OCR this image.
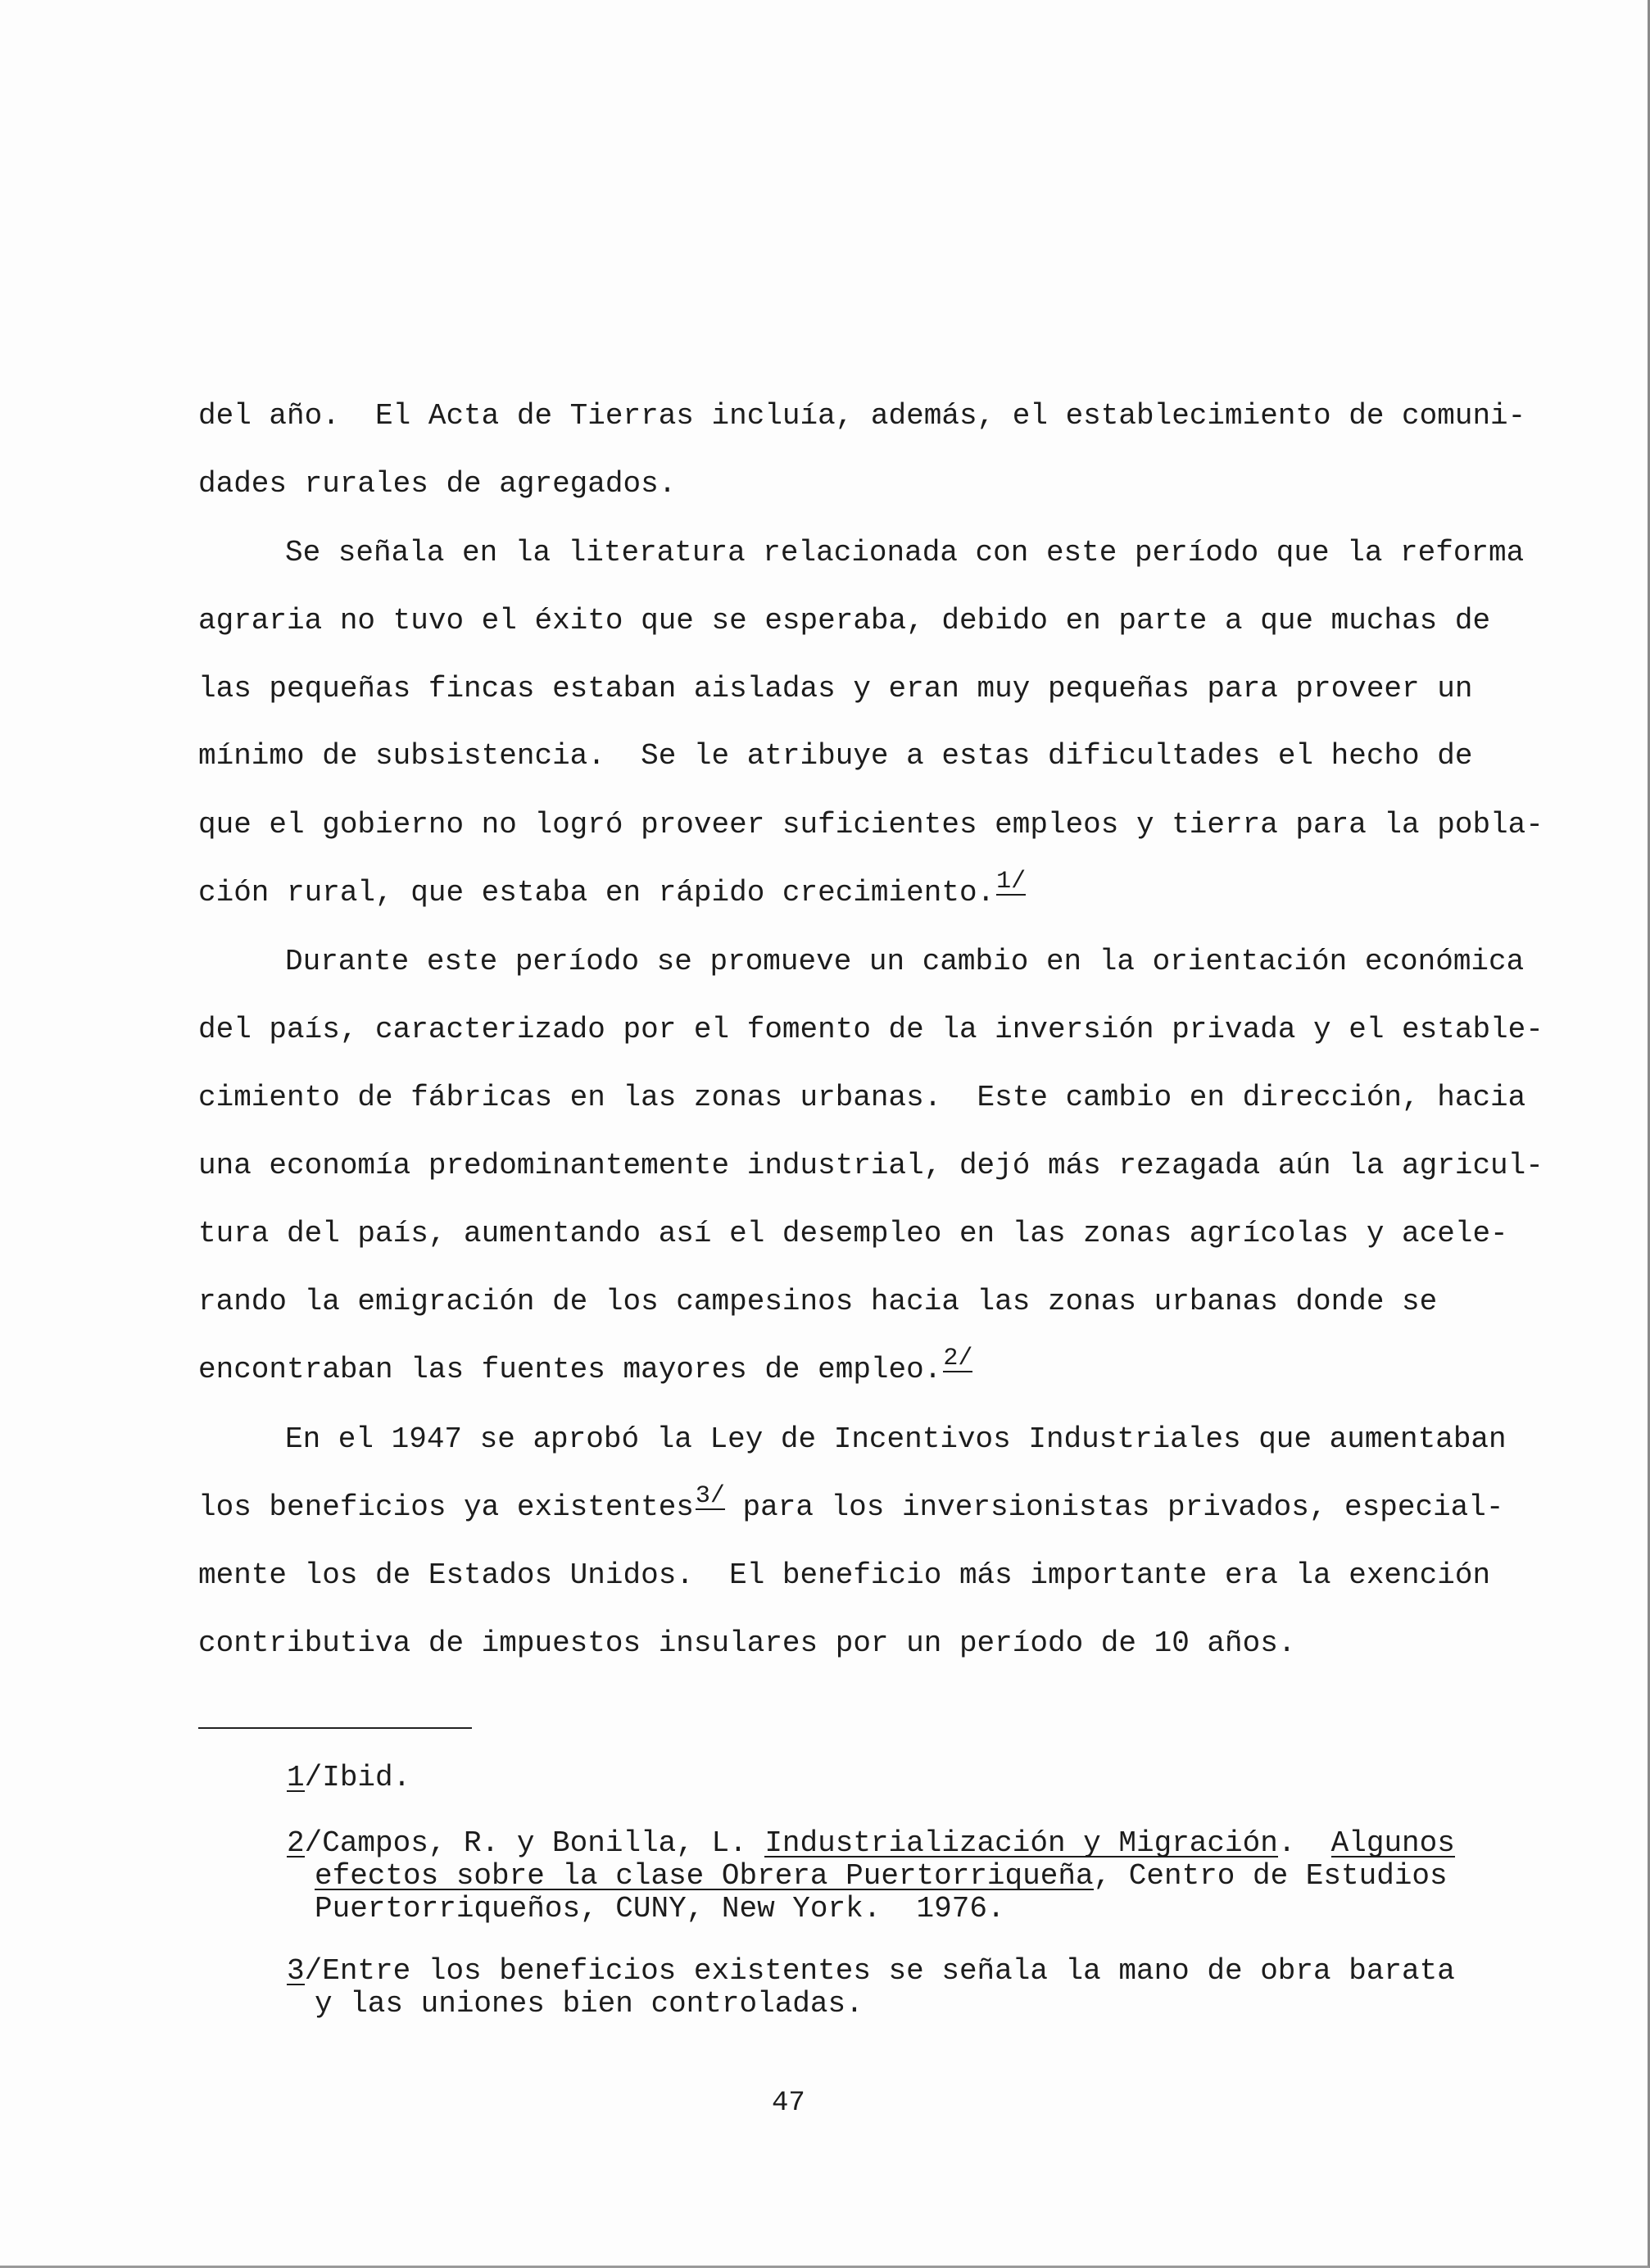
del año.  El Acta de Tierras incluía, además, el establecimiento de comuni-
dades rurales de agregados.
Se señala en la literatura relacionada con este período que la reforma
agraria no tuvo el éxito que se esperaba, debido en parte a que muchas de
las pequeñas fincas estaban aisladas y eran muy pequeñas para proveer un
mínimo de subsistencia.  Se le atribuye a estas dificultades el hecho de
que el gobierno no logró proveer suficientes empleos y tierra para la pobla-
ción rural, que estaba en rápido crecimiento.1/
Durante este período se promueve un cambio en la orientación económica
del país, caracterizado por el fomento de la inversión privada y el estable-
cimiento de fábricas en las zonas urbanas.  Este cambio en dirección, hacia
una economía predominantemente industrial, dejó más rezagada aún la agricul-
tura del país, aumentando así el desempleo en las zonas agrícolas y acele-
rando la emigración de los campesinos hacia las zonas urbanas donde se
encontraban las fuentes mayores de empleo.2/
En el 1947 se aprobó la Ley de Incentivos Industriales que aumentaban
los beneficios ya existentes3/ para los inversionistas privados, especial-
mente los de Estados Unidos.  El beneficio más importante era la exención
contributiva de impuestos insulares por un período de 10 años.
1/Ibid.
2/Campos, R. y Bonilla, L. Industrialización y Migración.  Algunos
efectos sobre la clase Obrera Puertorriqueña, Centro de Estudios
Puertorriqueños, CUNY, New York.  1976.
3/Entre los beneficios existentes se señala la mano de obra barata
y las uniones bien controladas.
47
